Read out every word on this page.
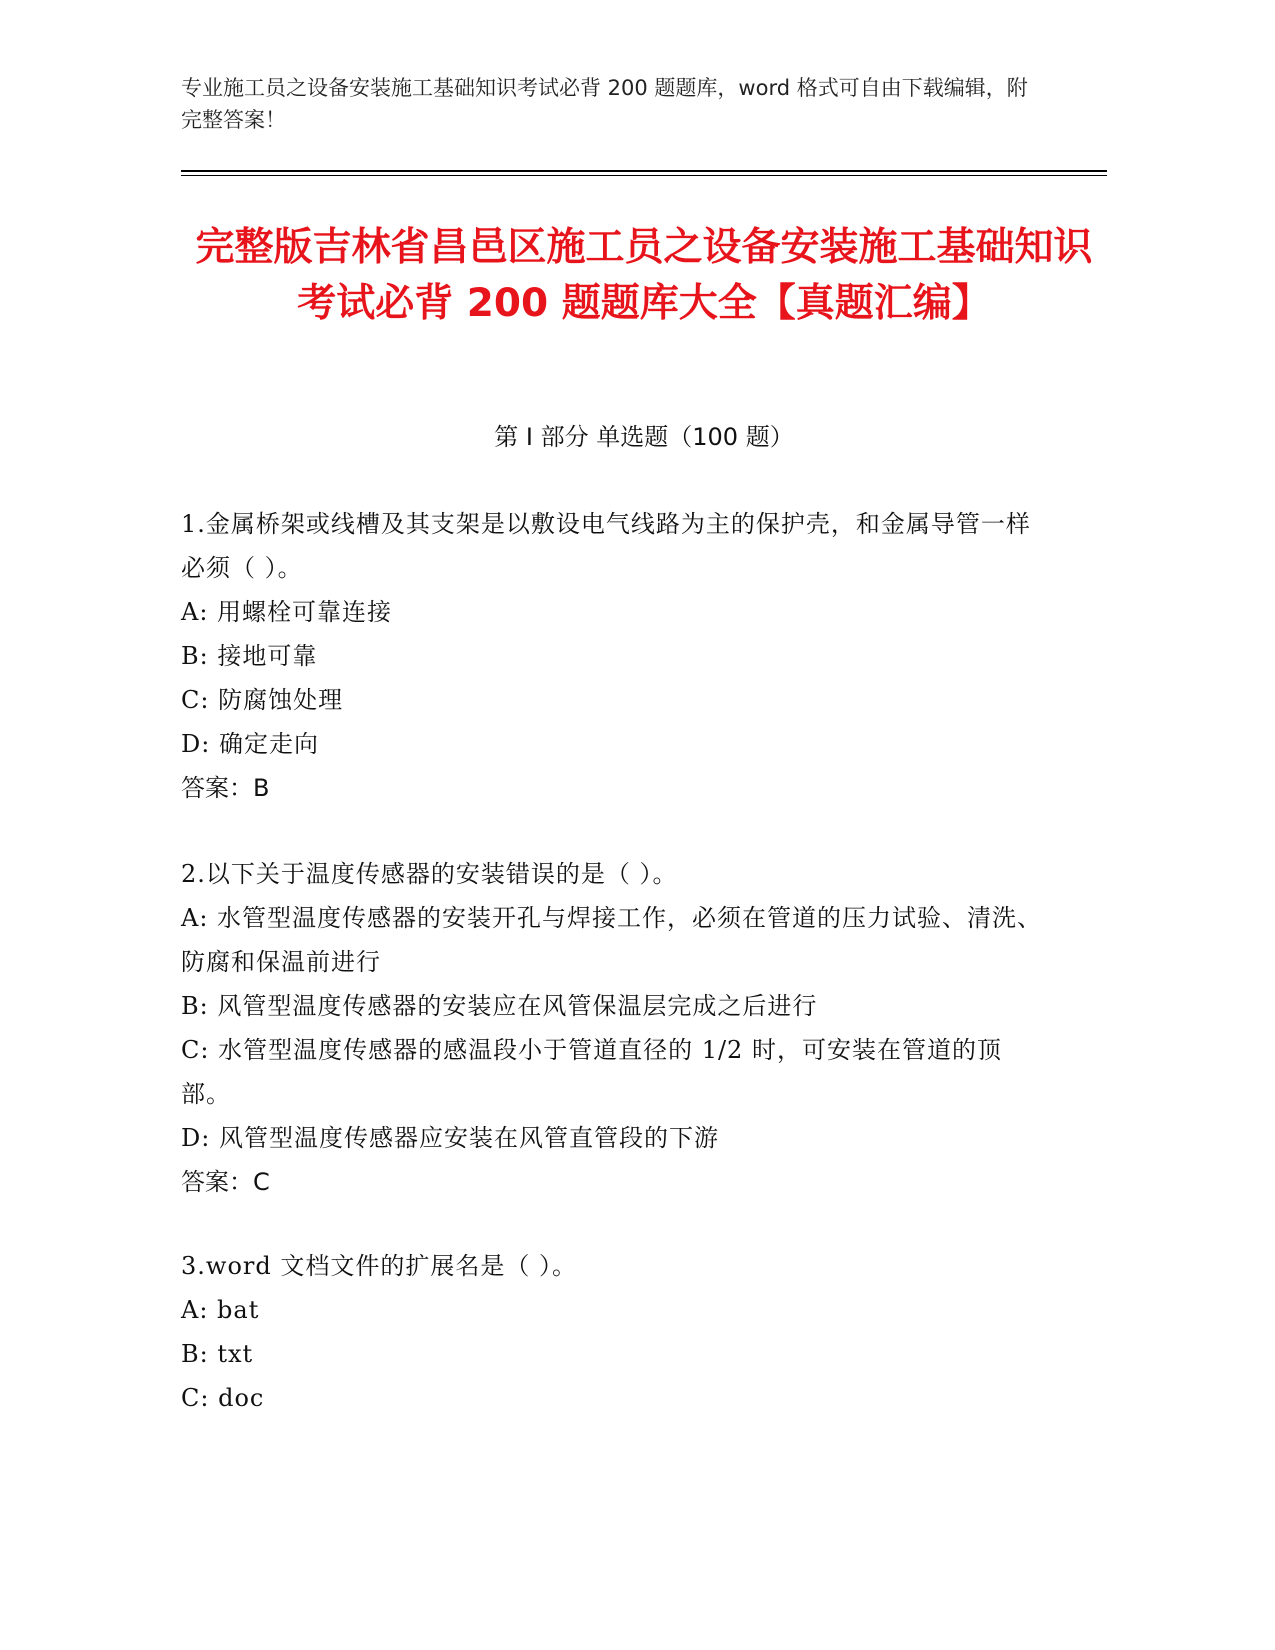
专业施工员之设备安装施工基础知识考试必背 200 题题库，word 格式可自由下载编辑，附完整答案！
完整版吉林省昌邑区施工员之设备安装施工基础知识考试必背 200 题题库大全【真题汇编】
第 I 部分 单选题（100 题）

1.金属桥架或线槽及其支架是以敷设电气线路为主的保护壳，和金属导管一样必须（ ）。

A: 用螺栓可靠连接

B: 接地可靠

C: 防腐蚀处理

D: 确定走向

答案：B

2.以下关于温度传感器的安装错误的是（ ）。

A: 水管型温度传感器的安装开孔与焊接工作，必须在管道的压力试验、清洗、防腐和保温前进行

B: 风管型温度传感器的安装应在风管保温层完成之后进行

C: 水管型温度传感器的感温段小于管道直径的 1/2 时，可安装在管道的顶部。

D: 风管型温度传感器应安装在风管直管段的下游

答案：C

3.word 文档文件的扩展名是（ ）。

A: bat

B: txt

C: doc
